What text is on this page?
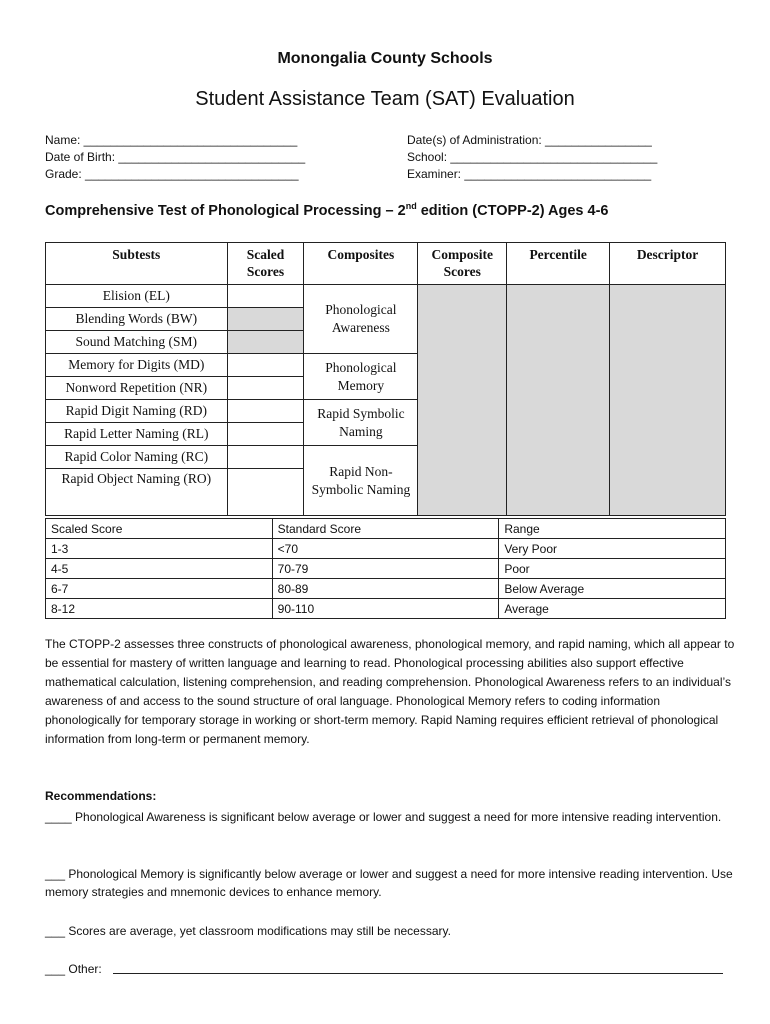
Monongalia County Schools
Student Assistance Team (SAT) Evaluation
Name: ________________________________
Date of Birth: ____________________________
Grade: ________________________________
Date(s) of Administration: ________________
School: _______________________________
Examiner: ____________________________
Comprehensive Test of Phonological Processing – 2nd edition (CTOPP-2) Ages 4-6
Subtests	Scaled Scores	Composites	Composite Scores	Percentile	Descriptor
Elision (EL)		Phonological Awareness			
Blending Words (BW)					
Sound Matching (SM)					
Memory for Digits (MD)		Phonological Memory			
Nonword Repetition (NR)					
Rapid Digit Naming (RD)		Rapid Symbolic Naming			
Rapid Letter Naming (RL)					
Rapid Color Naming (RC)		Rapid Non-Symbolic Naming			
Rapid Object Naming (RO)					
Scaled Score	Standard Score	Range
1-3	<70	Very Poor
4-5	70-79	Poor
6-7	80-89	Below Average
8-12	90-110	Average
The CTOPP-2 assesses three constructs of phonological awareness, phonological memory, and rapid naming, which all appear to be essential for mastery of written language and learning to read. Phonological processing abilities also support effective mathematical calculation, listening comprehension, and reading comprehension. Phonological Awareness refers to an individual’s awareness of and access to the sound structure of oral language. Phonological Memory refers to coding information phonologically for temporary storage in working or short-term memory. Rapid Naming requires efficient retrieval of phonological information from long-term or permanent memory.
Recommendations:
____ Phonological Awareness is significant below average or lower and suggest a need for more intensive reading intervention.
___ Phonological Memory is significantly below average or lower and suggest a need for more intensive reading intervention. Use memory strategies and mnemonic devices to enhance memory.
___ Scores are average, yet classroom modifications may still be necessary.
___ Other:
